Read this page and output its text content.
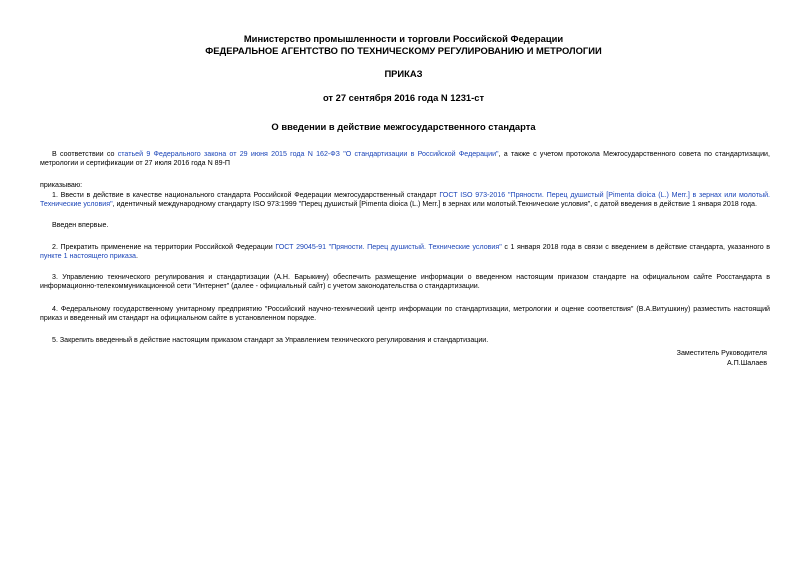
Министерство промышленности и торговли Российской Федерации
ФЕДЕРАЛЬНОЕ АГЕНТСТВО ПО ТЕХНИЧЕСКОМУ РЕГУЛИРОВАНИЮ И МЕТРОЛОГИИ
ПРИКАЗ
от 27 сентября 2016 года N 1231-ст
О введении в действие межгосударственного стандарта
В соответствии со статьей 9 Федерального закона от 29 июня 2015 года N 162-ФЗ "О стандартизации в Российской Федерации", а также с учетом протокола Межгосударственного совета по стандартизации, метрологии и сертификации от 27 июля 2016 года N 89-П
приказываю:
1. Ввести в действие в качестве национального стандарта Российской Федерации межгосударственный стандарт ГОСТ ISO 973-2016 "Пряности. Перец душистый [Pimenta dioica (L.) Merr.] в зернах или молотый. Технические условия", идентичный международному стандарту ISO 973:1999 "Перец душистый [Pimenta dioica (L.) Merr.] в зернах или молотый.Технические условия", с датой введения в действие 1 января 2018 года.
Введен впервые.
2. Прекратить применение на территории Российской Федерации ГОСТ 29045-91 "Пряности. Перец душистый. Технические условия" с 1 января 2018 года в связи с введением в действие стандарта, указанного в пункте 1 настоящего приказа.
3. Управлению технического регулирования и стандартизации (А.Н. Барыкину) обеспечить размещение информации о введенном настоящим приказом стандарте на официальном сайте Росстандарта в информационно-телекоммуникационной сети "Интернет" (далее - официальный сайт) с учетом законодательства о стандартизации.
4. Федеральному государственному унитарному предприятию "Российский научно-технический центр информации по стандартизации, метрологии и оценке соответствия" (В.А.Витушкину) разместить настоящий приказ и введенный им стандарт на официальном сайте в установленном порядке.
5. Закрепить введенный в действие настоящим приказом стандарт за Управлением технического регулирования и стандартизации.
Заместитель Руководителя
А.П.Шалаев
